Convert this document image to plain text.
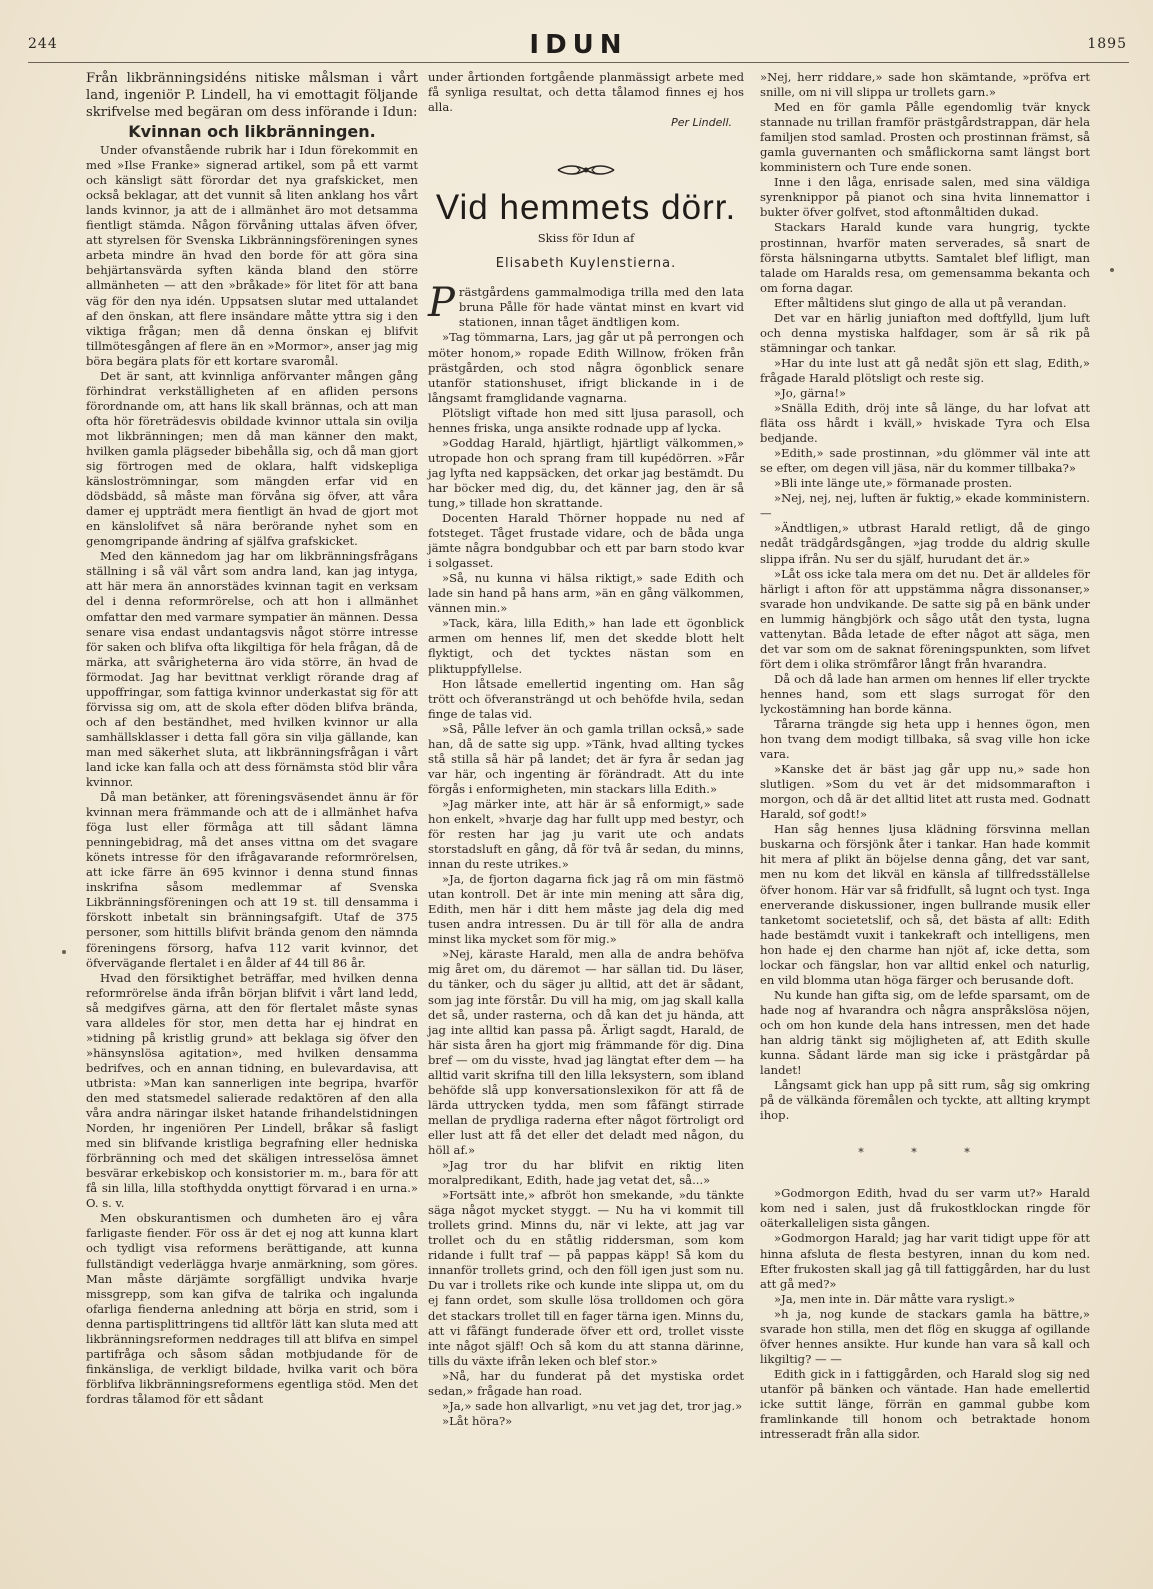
244	IDUN	1895

Från likbränningsidéns nitiske målsman i vårt land, ingeniör P. Lindell, ha vi emottagit följande skrifvelse med begäran om dess införande i Idun:

Kvinnan och likbränningen.

Under ofvanstående rubrik har i Idun förekommit en med »Ilse Franke» signerad artikel, som på ett varmt och känsligt sätt förordar det nya grafskicket, men också beklagar, att det vunnit så liten anklang hos vårt lands kvinnor, ja att de i allmänhet äro mot detsamma fientligt stämda. Någon förvåning uttalas äfven öfver, att styrelsen för Svenska Likbränningsföreningen synes arbeta mindre än hvad den borde för att göra sina behjärtansvärda syften kända bland den större allmänheten — att den »bråkade» för litet för att bana väg för den nya idén. Uppsatsen slutar med uttalandet af den önskan, att flere insändare måtte yttra sig i den viktiga frågan; men då denna önskan ej blifvit tillmötesgången af flere än en »Mormor», anser jag mig böra begära plats för ett kortare svaromål.

Det är sant, att kvinnliga anförvanter mången gång förhindrat verkställigheten af en afliden persons förordnande om, att hans lik skall brännas, och att man ofta hör företrädesvis obildade kvinnor uttala sin ovilja mot likbränningen; men då man känner den makt, hvilken gamla plägseder bibehålla sig, och då man gjort sig förtrogen med de oklara, halft vidskepliga känsloströmningar, som mängden erfar vid en dödsbädd, så måste man förvåna sig öfver, att våra damer ej uppträdt mera fientligt än hvad de gjort mot en känslolifvet så nära berörande nyhet som en genomgripande ändring af själfva grafskicket.

Med den kännedom jag har om likbränningsfrågans ställning i så väl vårt som andra land, kan jag intyga, att här mera än annorstädes kvinnan tagit en verksam del i denna reformrörelse, och att hon i allmänhet omfattar den med varmare sympatier än männen. Dessa senare visa endast undantagsvis något större intresse för saken och blifva ofta likgiltiga för hela frågan, då de märka, att svårigheterna äro vida större, än hvad de förmodat. Jag har bevittnat verkligt rörande drag af uppoffringar, som fattiga kvinnor underkastat sig för att förvissa sig om, att de skola efter döden blifva brända, och af den beständhet, med hvilken kvinnor ur alla samhällsklasser i detta fall göra sin vilja gällande, kan man med säkerhet sluta, att likbränningsfrågan i vårt land icke kan falla och att dess förnämsta stöd blir våra kvinnor.

Då man betänker, att föreningsväsendet ännu är för kvinnan mera främmande och att de i allmänhet hafva föga lust eller förmåga att till sådant lämna penningebidrag, må det anses vittna om det svagare könets intresse för den ifrågavarande reformrörelsen, att icke färre än 695 kvinnor i denna stund finnas inskrifna såsom medlemmar af Svenska Likbränningsföreningen och att 19 st. till densamma i förskott inbetalt sin bränningsafgift. Utaf de 375 personer, som hittills blifvit brända genom den nämnda föreningens försorg, hafva 112 varit kvinnor, det öfvervägande flertalet i en ålder af 44 till 86 år.

Hvad den försiktighet beträffar, med hvilken denna reformrörelse ända ifrån början blifvit i vårt land ledd, så medgifves gärna, att den för flertalet måste synas vara alldeles för stor, men detta har ej hindrat en »tidning på kristlig grund» att beklaga sig öfver den »hänsynslösa agitation», med hvilken densamma bedrifves, och en annan tidning, en bulevardavisa, att utbrista: »Man kan sannerligen inte begripa, hvarför den med statsmedel salierade redaktören af den alla våra andra näringar ilsket hatande frihandelstidningen Norden, hr ingeniören Per Lindell, bråkar så fasligt med sin blifvande kristliga begrafning eller hedniska förbränning och med det skäligen intresselösa ämnet besvärar erkebiskop och konsistorier m. m., bara för att få sin lilla, lilla stofthydda onyttigt förvarad i en urna.» O. s. v.

Men obskurantismen och dumheten äro ej våra farligaste fiender. För oss är det ej nog att kunna klart och tydligt visa reformens berättigande, att kunna fullständigt vederlägga hvarje anmärkning, som göres. Man måste därjämte sorgfälligt undvika hvarje missgrepp, som kan gifva de talrika och ingalunda ofarliga fienderna anledning att börja en strid, som i denna partisplittringens tid alltför lätt kan sluta med att likbränningsreformen neddrages till att blifva en simpel partifråga och såsom sådan motbjudande för de finkänsliga, de verkligt bildade, hvilka varit och böra förblifva likbränningsreformens egentliga stöd. Men det fordras tålamod för ett sådant

under årtionden fortgående planmässigt arbete med få synliga resultat, och detta tålamod finnes ej hos alla.

Per Lindell.
Vid hemmets dörr.
Skiss för Idun af
Elisabeth Kuylenstierna.

Prästgårdens gammalmodiga trilla med den lata bruna Pålle för hade väntat minst en kvart vid stationen, innan tåget ändtligen kom.

»Tag tömmarna, Lars, jag går ut på perrongen och möter honom,» ropade Edith Willnow, fröken från prästgården, och stod några ögonblick senare utanför stationshuset, ifrigt blickande in i de långsamt framglidande vagnarna.

Plötsligt viftade hon med sitt ljusa parasoll, och hennes friska, unga ansikte rodnade upp af lycka.

»Goddag Harald, hjärtligt, hjärtligt välkommen,» utropade hon och sprang fram till kupédörren. »Får jag lyfta ned kappsäcken, det orkar jag bestämdt. Du har böcker med dig, du, det känner jag, den är så tung,» tillade hon skrattande.

Docenten Harald Thörner hoppade nu ned af fotsteget. Tåget frustade vidare, och de båda unga jämte några bondgubbar och ett par barn stodo kvar i solgasset.

»Så, nu kunna vi hälsa riktigt,» sade Edith och lade sin hand på hans arm, »än en gång välkommen, vännen min.»

»Tack, kära, lilla Edith,» han lade ett ögonblick armen om hennes lif, men det skedde blott helt flyktigt, och det tycktes nästan som en pliktuppfyllelse.

Hon låtsade emellertid ingenting om. Han såg trött och öfveransträngd ut och behöfde hvila, sedan finge de talas vid.

»Så, Pålle lefver än och gamla trillan också,» sade han, då de satte sig upp. »Tänk, hvad allting tyckes stå stilla så här på landet; det är fyra år sedan jag var här, och ingenting är förändradt. Att du inte förgås i enformigheten, min stackars lilla Edith.»

»Jag märker inte, att här är så enformigt,» sade hon enkelt, »hvarje dag har fullt upp med bestyr, och för resten har jag ju varit ute och andats storstadsluft en gång, då för två år sedan, du minns, innan du reste utrikes.»

»Ja, de fjorton dagarna fick jag rå om min fästmö utan kontroll. Det är inte min mening att såra dig, Edith, men här i ditt hem måste jag dela dig med tusen andra intressen. Du är till för alla de andra minst lika mycket som för mig.»

»Nej, käraste Harald, men alla de andra behöfva mig året om, du däremot — har sällan tid. Du läser, du tänker, och du säger ju alltid, att det är sådant, som jag inte förstår. Du vill ha mig, om jag skall kalla det så, under rasterna, och då kan det ju hända, att jag inte alltid kan passa på. Ärligt sagdt, Harald, de här sista åren ha gjort mig främmande för dig. Dina bref — om du visste, hvad jag längtat efter dem — ha alltid varit skrifna till den lilla leksystern, som ibland behöfde slå upp konversationslexikon för att få de lärda uttrycken tydda, men som fåfängt stirrade mellan de prydliga raderna efter något förtroligt ord eller lust att få det eller det deladt med någon, du höll af.»

»Jag tror du har blifvit en riktig liten moralpredikant, Edith, hade jag vetat det, så...»

»Fortsätt inte,» afbröt hon smekande, »du tänkte säga något mycket styggt. — Nu ha vi kommit till trollets grind. Minns du, när vi lekte, att jag var trollet och du en ståtlig riddersman, som kom ridande i fullt traf — på pappas käpp! Så kom du innanför trollets grind, och den föll igen just som nu. Du var i trollets rike och kunde inte slippa ut, om du ej fann ordet, som skulle lösa trolldomen och göra det stackars trollet till en fager tärna igen. Minns du, att vi fåfängt funderade öfver ett ord, trollet visste inte något själf! Och så kom du att stanna därinne, tills du växte ifrån leken och blef stor.»

»Nå, har du funderat på det mystiska ordet sedan,» frågade han road.

»Ja,» sade hon allvarligt, »nu vet jag det, tror jag.»

»Låt höra?»

»Nej, herr riddare,» sade hon skämtande, »pröfva ert snille, om ni vill slippa ur trollets garn.»

Med en för gamla Pålle egendomlig tvär knyck stannade nu trillan framför prästgårdstrappan, där hela familjen stod samlad. Prosten och prostinnan främst, så gamla guvernanten och småflickorna samt längst bort komministern och Ture ende sonen.

Inne i den låga, enrisade salen, med sina väldiga syrenknippor på pianot och sina hvita linnemattor i bukter öfver golfvet, stod aftonmåltiden dukad.

Stackars Harald kunde vara hungrig, tyckte prostinnan, hvarför maten serverades, så snart de första hälsningarna utbytts. Samtalet blef lifligt, man talade om Haralds resa, om gemensamma bekanta och om forna dagar.

Efter måltidens slut gingo de alla ut på verandan.

Det var en härlig juniafton med doftfylld, ljum luft och denna mystiska halfdager, som är så rik på stämningar och tankar.

»Har du inte lust att gå nedåt sjön ett slag, Edith,» frågade Harald plötsligt och reste sig.

»Jo, gärna!»

»Snälla Edith, dröj inte så länge, du har lofvat att fläta oss hårdt i kväll,» hviskade Tyra och Elsa bedjande.

»Edith,» sade prostinnan, »du glömmer väl inte att se efter, om degen vill jäsa, när du kommer tillbaka?»

»Bli inte länge ute,» förmanade prosten.

»Nej, nej, nej, luften är fuktig,» ekade komministern. —

»Ändtligen,» utbrast Harald retligt, då de gingo nedåt trädgårdsgången, »jag trodde du aldrig skulle slippa ifrån. Nu ser du själf, hurudant det är.»

»Låt oss icke tala mera om det nu. Det är alldeles för härligt i afton för att uppstämma några dissonanser,» svarade hon undvikande. De satte sig på en bänk under en lummig hängbjörk och sågo utåt den tysta, lugna vattenytan. Båda letade de efter något att säga, men det var som om de saknat föreningspunkten, som lifvet fört dem i olika strömfåror långt från hvarandra.

Då och då lade han armen om hennes lif eller tryckte hennes hand, som ett slags surrogat för den lyckostämning han borde känna.

Tårarna trängde sig heta upp i hennes ögon, men hon tvang dem modigt tillbaka, så svag ville hon icke vara.

»Kanske det är bäst jag går upp nu,» sade hon slutligen. »Som du vet är det midsommarafton i morgon, och då är det alltid litet att rusta med. Godnatt Harald, sof godt!»

Han såg hennes ljusa klädning försvinna mellan buskarna och försjönk åter i tankar. Han hade kommit hit mera af plikt än böjelse denna gång, det var sant, men nu kom det likväl en känsla af tillfredsställelse öfver honom. Här var så fridfullt, så lugnt och tyst. Inga enerverande diskussioner, ingen bullrande musik eller tanketomt societetslif, och så, det bästa af allt: Edith hade bestämdt vuxit i tankekraft och intelligens, men hon hade ej den charme han njöt af, icke detta, som lockar och fängslar, hon var alltid enkel och naturlig, en vild blomma utan höga färger och berusande doft.

Nu kunde han gifta sig, om de lefde sparsamt, om de hade nog af hvarandra och några anspråkslösa nöjen, och om hon kunde dela hans intressen, men det hade han aldrig tänkt sig möjligheten af, att Edith skulle kunna. Sådant lärde man sig icke i prästgårdar på landet!

Långsamt gick han upp på sitt rum, såg sig omkring på de välkända föremålen och tyckte, att allting krympt ihop.

* * *

»Godmorgon Edith, hvad du ser varm ut?» Harald kom ned i salen, just då frukostklockan ringde för oäterkalleligen sista gången.

»Godmorgon Harald; jag har varit tidigt uppe för att hinna afsluta de flesta bestyren, innan du kom ned. Efter frukosten skall jag gå till fattiggården, har du lust att gå med?»

»Ja, men inte in. Där måtte vara rysligt.»

»h ja, nog kunde de stackars gamla ha bättre,» svarade hon stilla, men det flög en skugga af ogillande öfver hennes ansikte. Hur kunde han vara så kall och likgiltig? — —

Edith gick in i fattiggården, och Harald slog sig ned utanför på bänken och väntade. Han hade emellertid icke suttit länge, förrän en gammal gubbe kom framlinkande till honom och betraktade honom intresseradt från alla sidor.
